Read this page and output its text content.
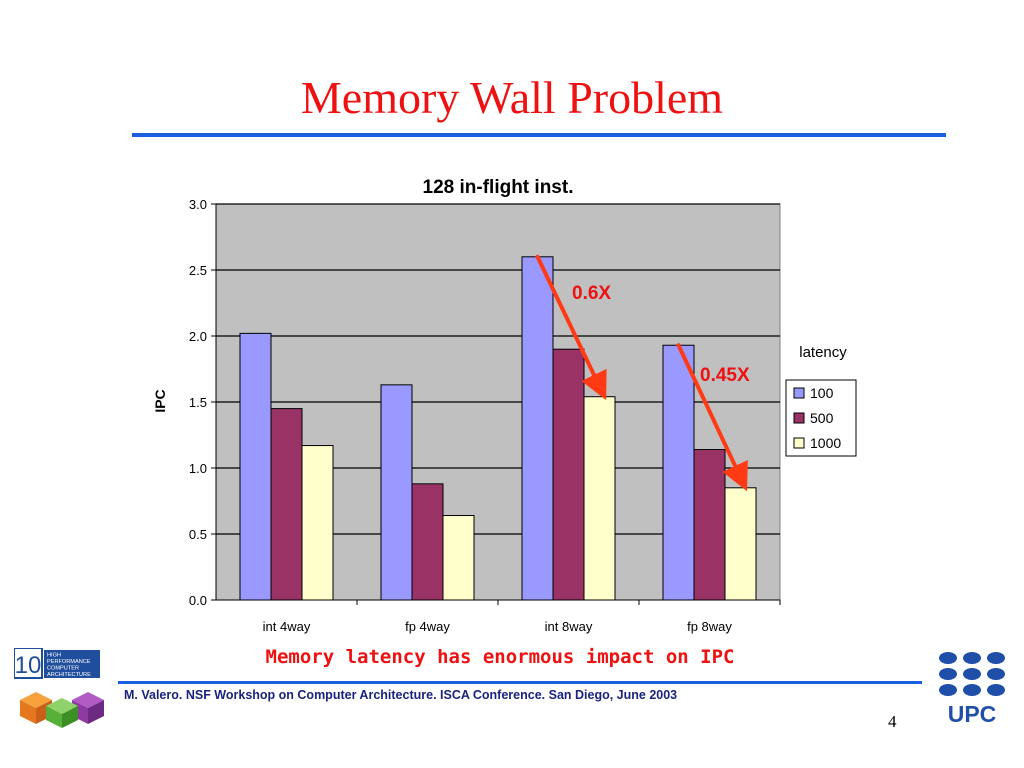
Memory Wall Problem
0.0
0.5
1.0
1.5
2.0
2.5
3.0
int 4way	fp 4way	int 8way	fp 8way
128 in-flight inst.
IPC
latency
100
500
1000
0.6X
0.45X
Memory latency has enormous impact on IPC
M. Valero. NSF Workshop on Computer Architecture. ISCA Conference. San Diego, June 2003
4
10 HIGH
PERFORMANCE
COMPUTER
ARCHITECTURE
UPC
